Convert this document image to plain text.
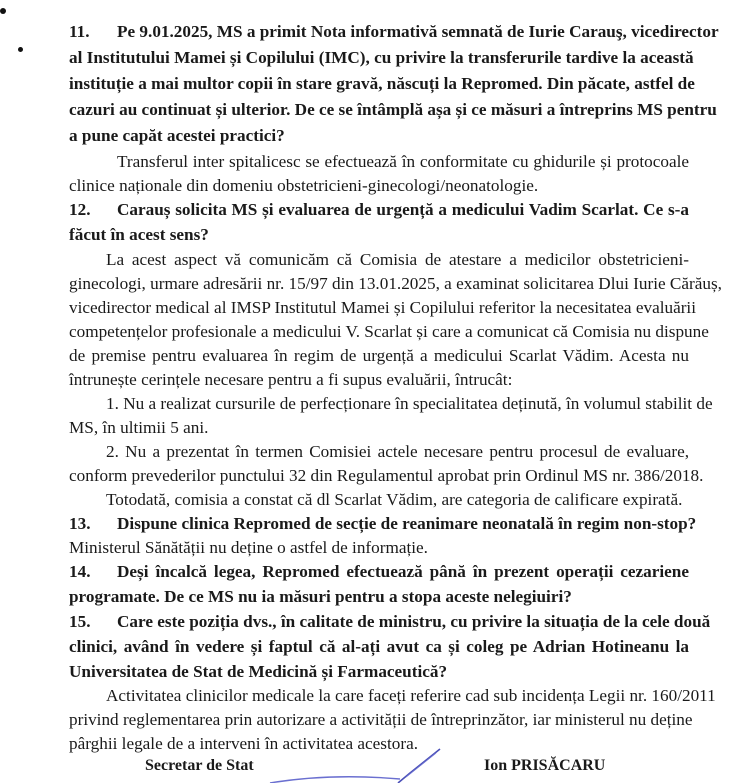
11. Pe 9.01.2025, MS a primit Nota informativă semnată de Iurie Carauş, vicedirector
al Institutului Mamei și Copilului (IMC), cu privire la transferurile tardive la această
instituție a mai multor copii în stare gravă, născuți la Repromed. Din păcate, astfel de
cazuri au continuat și ulterior. De ce se întâmplă așa și ce măsuri a întreprins MS pentru
a pune capăt acestei practici?
Transferul inter spitalicesc se efectuează în conformitate cu ghidurile și protocoale
clinice naționale din domeniu obstetricieni-ginecologi/neonatologie.
12. Carauș solicita MS și evaluarea de urgență a medicului Vadim Scarlat. Ce s-a
făcut în acest sens?
La acest aspect vă comunicăm că Comisia de atestare a medicilor obstetricieni-
ginecologi, urmare adresării nr. 15/97 din 13.01.2025, a examinat solicitarea Dlui Iurie Cărăuș,
vicedirector medical al IMSP Institutul Mamei și Copilului referitor la necesitatea evaluării
competențelor profesionale a medicului V. Scarlat și care a comunicat că Comisia nu dispune
de premise pentru evaluarea în regim de urgență a medicului Scarlat Vădim. Acesta nu
întrunește cerințele necesare pentru a fi supus evaluării, întrucât:
1. Nu a realizat cursurile de perfecționare în specialitatea deținută, în volumul stabilit de
MS, în ultimii 5 ani.
2. Nu a prezentat în termen Comisiei actele necesare pentru procesul de evaluare,
conform prevederilor punctului 32 din Regulamentul aprobat prin Ordinul MS nr. 386/2018.
Totodată, comisia a constat că dl Scarlat Vădim, are categoria de calificare expirată.
13. Dispune clinica Repromed de secție de reanimare neonatală în regim non-stop?
Ministerul Sănătății nu deține o astfel de informație.
14. Deși încalcă legea, Repromed efectuează până în prezent operații cezariene
programate. De ce MS nu ia măsuri pentru a stopa aceste nelegiuiri?
15. Care este poziția dvs., în calitate de ministru, cu privire la situația de la cele două
clinici, având în vedere și faptul că al-ați avut ca și coleg pe Adrian Hotineanu la
Universitatea de Stat de Medicină și Farmaceutică?
Activitatea clinicilor medicale la care faceți referire cad sub incidența Legii nr. 160/2011
privind reglementarea prin autorizare a activității de întreprinzător, iar ministerul nu deține
pârghii legale de a interveni în activitatea acestora.
Secretar de Stat	Ion PRISĂCARU
